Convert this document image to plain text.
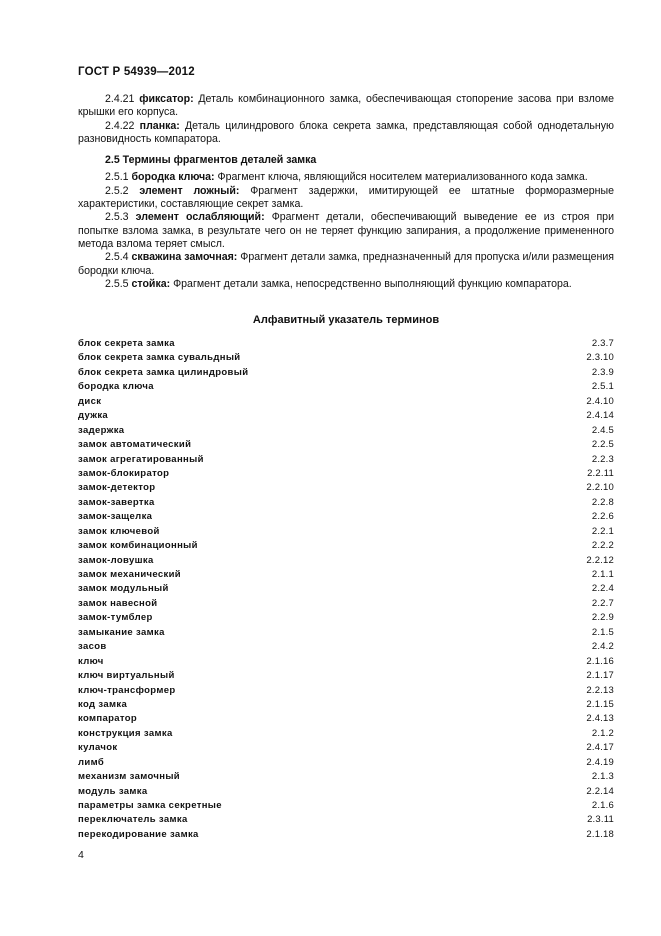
ГОСТ Р 54939—2012

2.4.21 фиксатор: Деталь комбинационного замка, обеспечивающая стопорение засова при взломе крышки его корпуса.

2.4.22 планка: Деталь цилиндрового блока секрета замка, представляющая собой однодетальную разновидность компаратора.

2.5 Термины фрагментов деталей замка

2.5.1 бородка ключа: Фрагмент ключа, являющийся носителем материализованного кода замка.

2.5.2 элемент ложный: Фрагмент задержки, имитирующей ее штатные форморазмерные характеристики, составляющие секрет замка.

2.5.3 элемент ослабляющий: Фрагмент детали, обеспечивающий выведение ее из строя при попытке взлома замка, в результате чего он не теряет функцию запирания, а продолжение примененного метода взлома теряет смысл.

2.5.4 скважина замочная: Фрагмент детали замка, предназначенный для пропуска и/или размещения бородки ключа.

2.5.5 стойка: Фрагмент детали замка, непосредственно выполняющий функцию компаратора.

Алфавитный указатель терминов
блок секрета замка	2.3.7
блок секрета замка сувальдный	2.3.10
блок секрета замка цилиндровый	2.3.9
бородка ключа	2.5.1
диск	2.4.10
дужка	2.4.14
задержка	2.4.5
замок автоматический	2.2.5
замок агрегатированный	2.2.3
замок-блокиратор	2.2.11
замок-детектор	2.2.10
замок-завертка	2.2.8
замок-защелка	2.2.6
замок ключевой	2.2.1
замок комбинационный	2.2.2
замок-ловушка	2.2.12
замок механический	2.1.1
замок модульный	2.2.4
замок навесной	2.2.7
замок-тумблер	2.2.9
замыкание замка	2.1.5
засов	2.4.2
ключ	2.1.16
ключ виртуальный	2.1.17
ключ-трансформер	2.2.13
код замка	2.1.15
компаратор	2.4.13
конструкция замка	2.1.2
кулачок	2.4.17
лимб	2.4.19
механизм замочный	2.1.3
модуль замка	2.2.14
параметры замка секретные	2.1.6
переключатель замка	2.3.11
перекодирование замка	2.1.18
4
